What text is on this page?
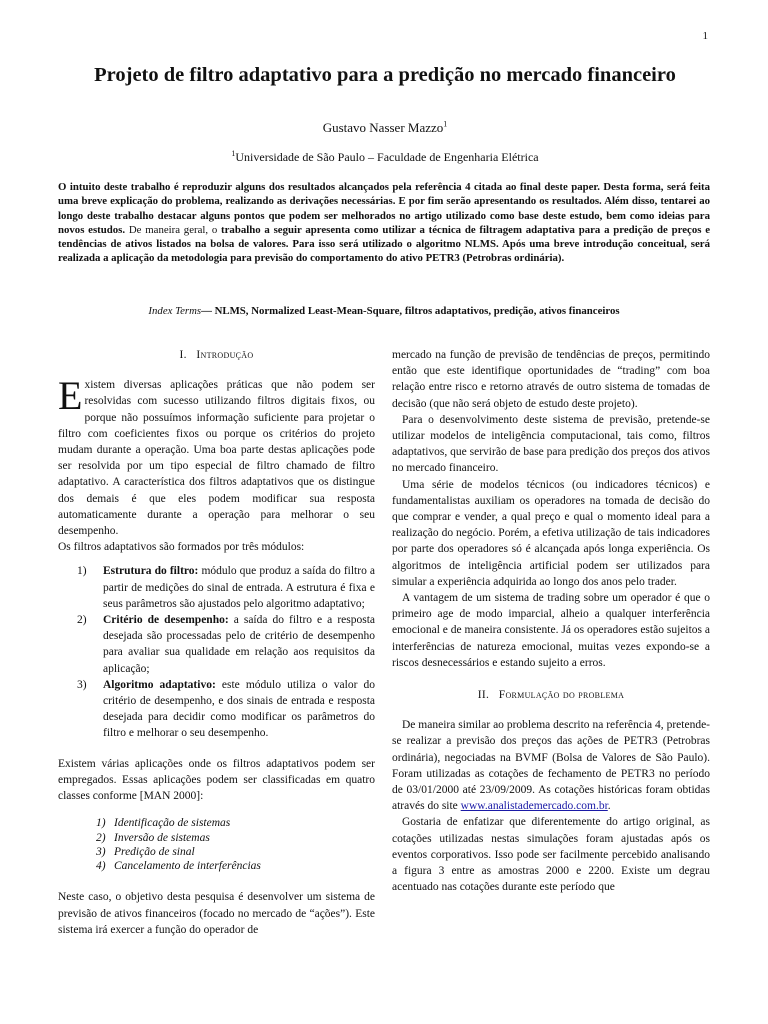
1
Projeto de filtro adaptativo para a predição no mercado financeiro
Gustavo Nasser Mazzo$^1$
$^1$Universidade de São Paulo – Faculdade de Engenharia Elétrica

O intuito deste trabalho é reproduzir alguns dos resultados alcançados pela referência 4 citada ao final deste paper. Desta forma, será feita uma breve explicação do problema, realizando as derivações necessárias. E por fim serão apresentando os resultados. Além disso, tentarei ao longo deste trabalho destacar alguns pontos que podem ser melhorados no artigo utilizado como base deste estudo, bem como ideias para novos estudos. De maneira geral, o trabalho a seguir apresenta como utilizar a técnica de filtragem adaptativa para a predição de preços e tendências de ativos listados na bolsa de valores. Para isso será utilizado o algoritmo NLMS. Após uma breve introdução conceitual, será realizada a aplicação da metodologia para previsão do comportamento do ativo PETR3 (Petrobras ordinária).

Index Terms— NLMS, Normalized Least-Mean-Square, filtros adaptativos, predição, ativos financeiros
I. Introdução

Existem diversas aplicações práticas que não podem ser resolvidas com sucesso utilizando filtros digitais fixos, ou porque não possuímos informação suficiente para projetar o filtro com coeficientes fixos ou porque os critérios do projeto mudam durante a operação. Uma boa parte destas aplicações pode ser resolvida por um tipo especial de filtro chamado de filtro adaptativo. A característica dos filtros adaptativos que os distingue dos demais é que eles podem modificar sua resposta automaticamente durante a operação para melhorar o seu desempenho.

Os filtros adaptativos são formados por três módulos:

1) Estrutura do filtro: módulo que produz a saída do filtro a partir de medições do sinal de entrada. A estrutura é fixa e seus parâmetros são ajustados pelo algoritmo adaptativo;
2) Critério de desempenho: a saída do filtro e a resposta desejada são processadas pelo de critério de desempenho para avaliar sua qualidade em relação aos requisitos da aplicação;
3) Algoritmo adaptativo: este módulo utiliza o valor do critério de desempenho, e dos sinais de entrada e resposta desejada para decidir como modificar os parâmetros do filtro e melhorar o seu desempenho.

Existem várias aplicações onde os filtros adaptativos podem ser empregados. Essas aplicações podem ser classificadas em quatro classes conforme [MAN 2000]:

1) Identificação de sistemas
2) Inversão de sistemas
3) Predição de sinal
4) Cancelamento de interferências

Neste caso, o objetivo desta pesquisa é desenvolver um sistema de previsão de ativos financeiros (focado no mercado de “ações”). Este sistema irá exercer a função do operador de

mercado na função de previsão de tendências de preços, permitindo então que este identifique oportunidades de “trading” com boa relação entre risco e retorno através de outro sistema de tomadas de decisão (que não será objeto de estudo deste projeto).

Para o desenvolvimento deste sistema de previsão, pretende-se utilizar modelos de inteligência computacional, tais como, filtros adaptativos, que servirão de base para predição dos preços dos ativos no mercado financeiro.

Uma série de modelos técnicos (ou indicadores técnicos) e fundamentalistas auxiliam os operadores na tomada de decisão do que comprar e vender, a qual preço e qual o momento ideal para a realização do negócio. Porém, a efetiva utilização de tais indicadores por parte dos operadores só é alcançada após longa experiência. Os algoritmos de inteligência artificial podem ser utilizados para simular a experiência adquirida ao longo dos anos pelo trader.

A vantagem de um sistema de trading sobre um operador é que o primeiro age de modo imparcial, alheio a qualquer interferência emocional e de maneira consistente. Já os operadores estão sujeitos a interferências de natureza emocional, muitas vezes expondo-se a riscos desnecessários e estando sujeito a erros.

II. Formulação do problema

De maneira similar ao problema descrito na referência 4, pretende-se realizar a previsão dos preços das ações de PETR3 (Petrobras ordinária), negociadas na BVMF (Bolsa de Valores de São Paulo). Foram utilizadas as cotações de fechamento de PETR3 no período de 03/01/2000 até 23/09/2009. As cotações históricas foram obtidas através do site www.analistademercado.com.br.

Gostaria de enfatizar que diferentemente do artigo original, as cotações utilizadas nestas simulações foram ajustadas após os eventos corporativos. Isso pode ser facilmente percebido analisando a figura 3 entre as amostras 2000 e 2200. Existe um degrau acentuado nas cotações durante este período que
